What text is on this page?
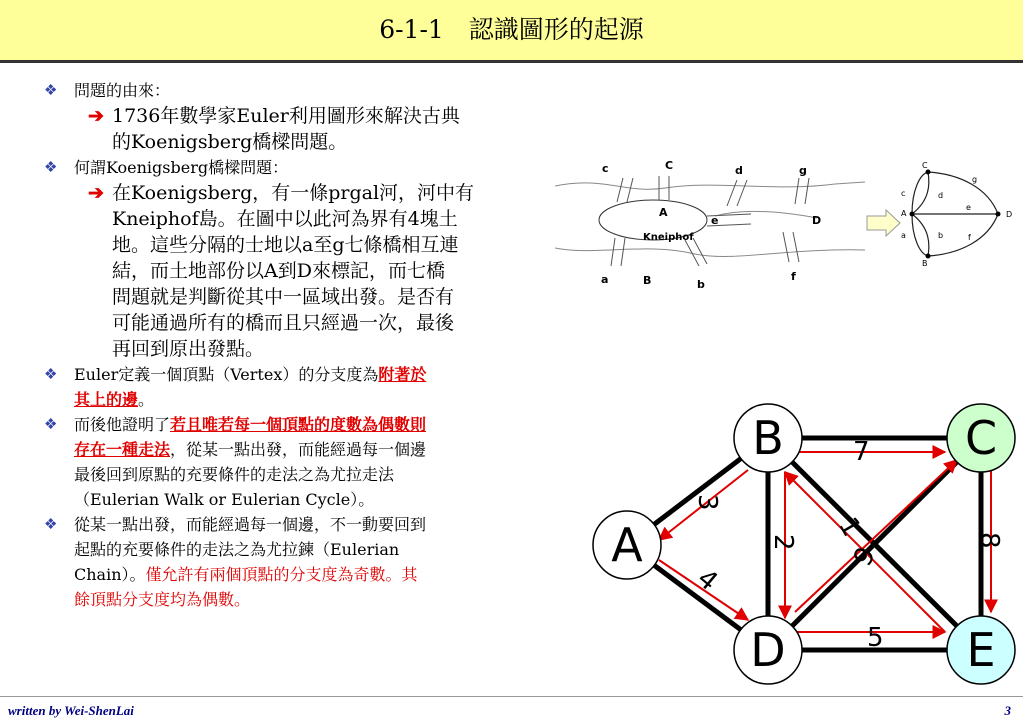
6-1-1　認識圖形的起源
❖ 問題的由來：
➔ 1736年數學家Euler利用圖形來解決古典
的Koenigsberg橋樑問題。
❖ 何謂Koenigsberg橋樑問題：
➔ 在Koenigsberg，有一條prgal河，河中有
Kneiphof島。在圖中以此河為界有4塊土
地。這些分隔的士地以a至g七條橋相互連
結，而土地部份以A到D來標記，而七橋
問題就是判斷從其中一區域出發。是否有
可能通過所有的橋而且只經過一次，最後
再回到原出發點。
❖ Euler定義一個頂點（Vertex）的分支度為附著於
其上的邊。
❖ 而後他證明了若且唯若每一個頂點的度數為偶數則
存在一種走法，從某一點出發，而能經過每一個邊
最後回到原點的充要條件的走法之為尤拉走法
（Eulerian Walk or Eulerian Cycle）。
❖ 從某一點出發，而能經過每一個邊，不一動要回到
起點的充要條件的走法之為尤拉鍊（Eulerian
Chain）。僅允許有兩個頂點的分支度為奇數。其
餘頂點分支度均為偶數。
c	C	d	g
A
e	D
Kneiphof
a	B	b
f
C
c	d
g
e
A	D
a	b	f
B
7
3
2
1
6
8
4
5
B	C
A
D	E
written by Wei-ShenLai	3
